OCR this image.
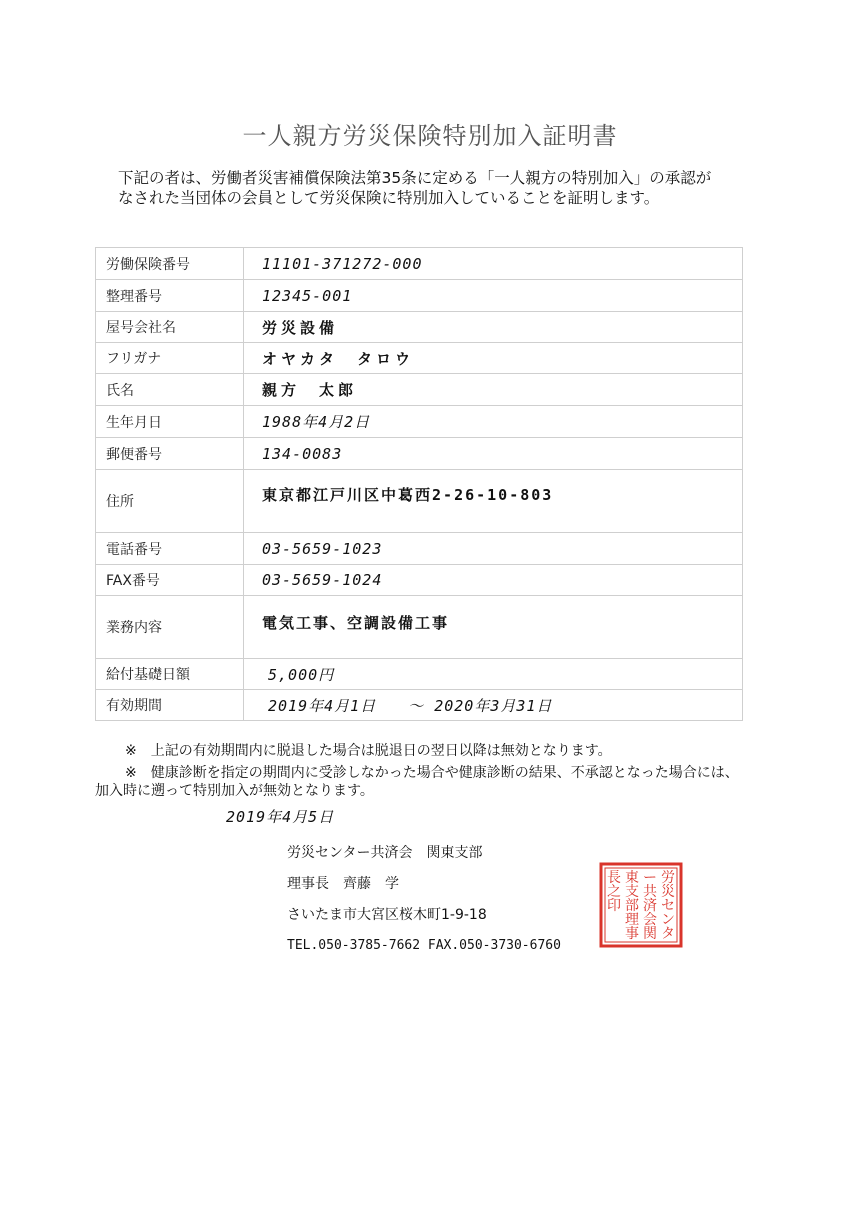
一人親方労災保険特別加入証明書
下記の者は、労働者災害補償保険法第35条に定める「一人親方の特別加入」の承認が
なされた当団体の会員として労災保険に特別加入していることを証明します。
労働保険番号	11101-371272-000
整理番号	12345-001
屋号会社名	労災設備
フリガナ	オヤカタ　タロウ
氏名	親方　太郎
生年月日	1988年4月2日
郵便番号	134-0083
住所	東京都江戸川区中葛西2-26-10-803
電話番号	03-5659-1023
FAX番号	03-5659-1024
業務内容	電気工事、空調設備工事
給付基礎日額	5,000円
有効期間	2019年4月1日　　～ 2020年3月31日

※　上記の有効期間内に脱退した場合は脱退日の翌日以降は無効となります。

※　健康診断を指定の期間内に受診しなかった場合や健康診断の結果、不承認となった場合には、

加入時に遡って特別加入が無効となります。

2019年4月5日
労災センター共済会　関東支部
理事長　齊藤　学
さいたま市大宮区桜木町1-9-18
TEL.050-3785-7662 FAX.050-3730-6760
労
災
セ
ン
タ
ー
共
済
会
関
東
支
部
理
事
長
之
印
